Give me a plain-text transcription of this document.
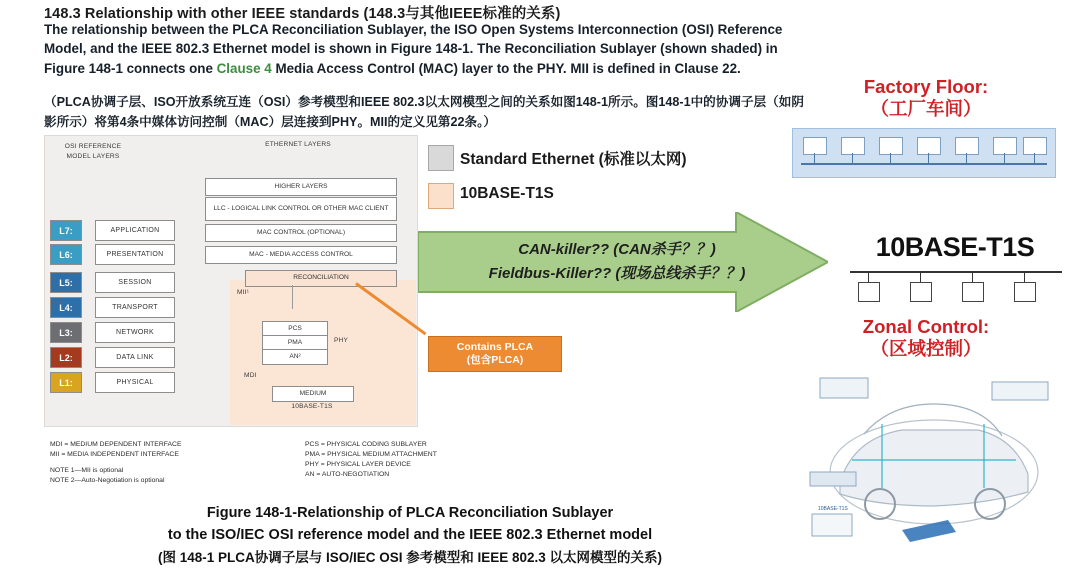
148.3 Relationship with other IEEE standards (148.3与其他IEEE标准的关系)
The relationship between the PLCA Reconciliation Sublayer, the ISO Open Systems Interconnection (OSI) Reference Model, and the IEEE 802.3 Ethernet model is shown in Figure 148-1. The Reconciliation Sublayer (shown shaded) in Figure 148-1 connects one Clause 4 Media Access Control (MAC) layer to the PHY. MII is defined in Clause 22.
（PLCA协调子层、ISO开放系统互连（OSI）参考模型和IEEE 802.3以太网模型之间的关系如图148-1所示。图148-1中的协调子层（如阴影所示）将第4条中媒体访问控制（MAC）层连接到PHY。MII的定义见第22条。）
OSI REFERENCE MODEL LAYERS
ETHERNET LAYERS
HIGHER LAYERS
L7:
L6:
L5:
L4:
L3:
L2:
L1:
APPLICATION
PRESENTATION
SESSION
TRANSPORT
NETWORK
DATA LINK
PHYSICAL
LLC - LOGICAL LINK CONTROL OR OTHER MAC CLIENT
MAC CONTROL (OPTIONAL)
MAC - MEDIA ACCESS CONTROL
RECONCILIATION
MII¹
PCS
PMA
AN²
PHY
MDI
MEDIUM
10BASE-T1S
MDI = MEDIUM DEPENDENT INTERFACE
MII = MEDIA INDEPENDENT INTERFACE
NOTE 1—MII is optional
NOTE 2—Auto-Negotiation is optional
PCS = PHYSICAL CODING SUBLAYER
PMA = PHYSICAL MEDIUM ATTACHMENT
PHY = PHYSICAL LAYER DEVICE
AN = AUTO-NEGOTIATION
Standard Ethernet (标准以太网)
10BASE-T1S
CAN-killer?? (CAN杀手？？)
Fieldbus-Killer?? (现场总线杀手？？)
Contains PLCA
(包含PLCA)
Factory Floor:
（工厂车间）
10BASE-T1S
Zonal Control:
（区域控制）
10BASE-T1S
Figure 148-1-Relationship of PLCA Reconciliation Sublayer
to the ISO/IEC OSI reference model and the IEEE 802.3 Ethernet model
(图 148-1 PLCA协调子层与 ISO/IEC OSI 参考模型和 IEEE 802.3 以太网模型的关系)
